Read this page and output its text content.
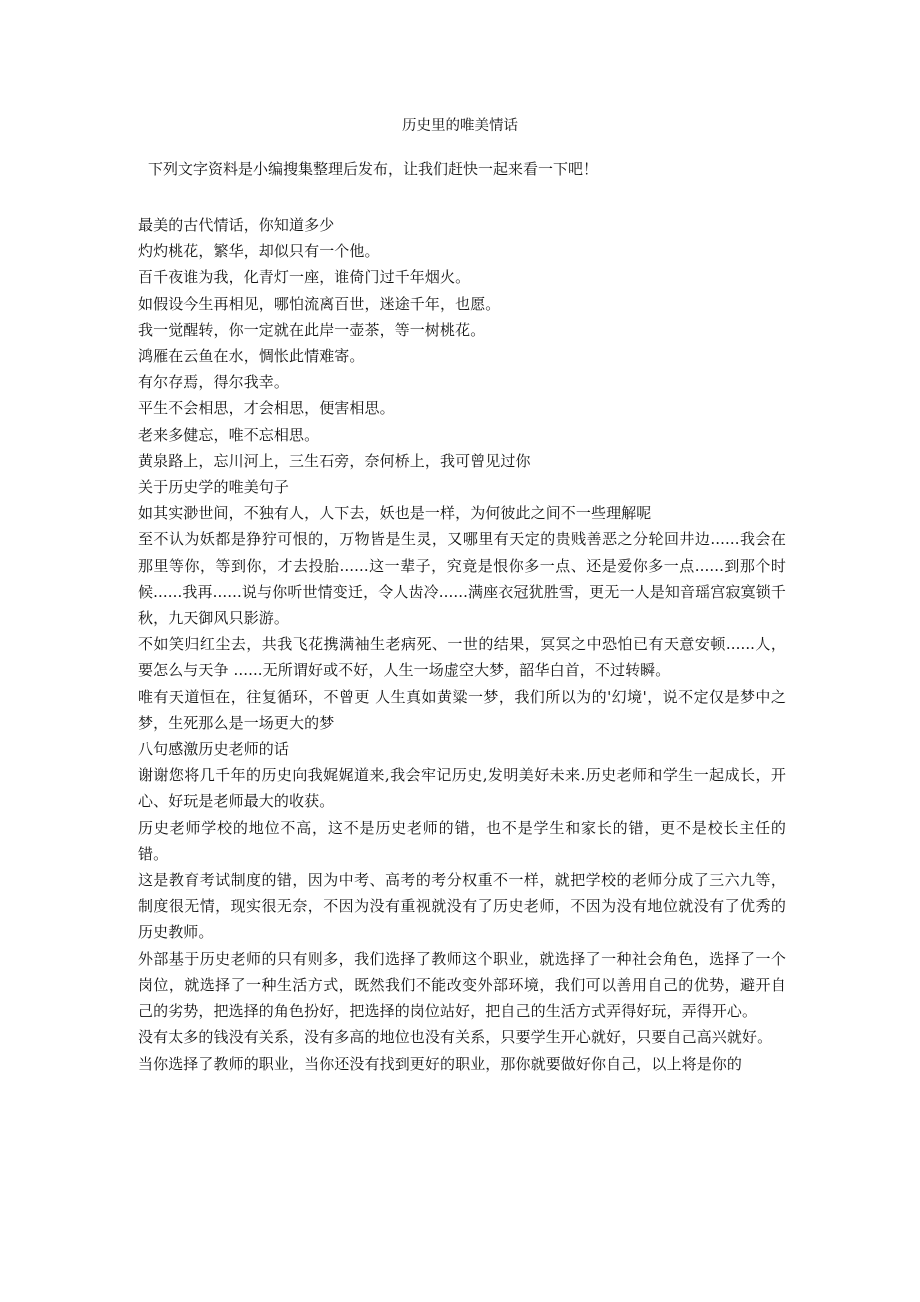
历史里的唯美情话

下列文字资料是小编搜集整理后发布，让我们赶快一起来看一下吧！

最美的古代情话，你知道多少

灼灼桃花，繁华，却似只有一个他。

百千夜谁为我，化青灯一座，谁倚门过千年烟火。

如假设今生再相见，哪怕流离百世，迷途千年，也愿。

我一觉醒转，你一定就在此岸一壶茶，等一树桃花。

鸿雁在云鱼在水，惆怅此情难寄。

有尔存焉，得尔我幸。

平生不会相思，才会相思，便害相思。

老来多健忘，唯不忘相思。

黄泉路上，忘川河上，三生石旁，奈何桥上，我可曾见过你

关于历史学的唯美句子

如其实渺世间，不独有人，人下去，妖也是一样，为何彼此之间不一些理解呢

至不认为妖都是狰狞可恨的，万物皆是生灵，又哪里有天定的贵贱善恶之分轮回井边......我会在那里等你，等到你，才去投胎......这一辈子，究竟是恨你多一点、还是爱你多一点......到那个时候......我再......说与你听世情变迁，令人齿冷......满座衣冠犹胜雪，更无一人是知音瑶宫寂寞锁千秋，九天御风只影游。

不如笑归红尘去，共我飞花携满袖生老病死、一世的结果，冥冥之中恐怕已有天意安顿......人，要怎么与天争 ......无所谓好或不好，人生一场虚空大梦，韶华白首，不过转瞬。

唯有天道恒在，往复循环，不曾更 人生真如黄粱一梦，我们所以为的'幻境'，说不定仅是梦中之梦，生死那么是一场更大的梦

八句感激历史老师的话

谢谢您将几千年的历史向我娓娓道来,我会牢记历史,发明美好未来.历史老师和学生一起成长，开心、好玩是老师最大的收获。

历史老师学校的地位不高，这不是历史老师的错，也不是学生和家长的错，更不是校长主任的错。

这是教育考试制度的错，因为中考、高考的考分权重不一样，就把学校的老师分成了三六九等，制度很无情，现实很无奈，不因为没有重视就没有了历史老师，不因为没有地位就没有了优秀的历史教师。

外部基于历史老师的只有则多，我们选择了教师这个职业，就选择了一种社会角色，选择了一个岗位，就选择了一种生活方式，既然我们不能改变外部环境，我们可以善用自己的优势，避开自己的劣势，把选择的角色扮好，把选择的岗位站好，把自己的生活方式弄得好玩，弄得开心。

没有太多的钱没有关系，没有多高的地位也没有关系，只要学生开心就好，只要自己高兴就好。

当你选择了教师的职业，当你还没有找到更好的职业，那你就要做好你自己，以上将是你的
